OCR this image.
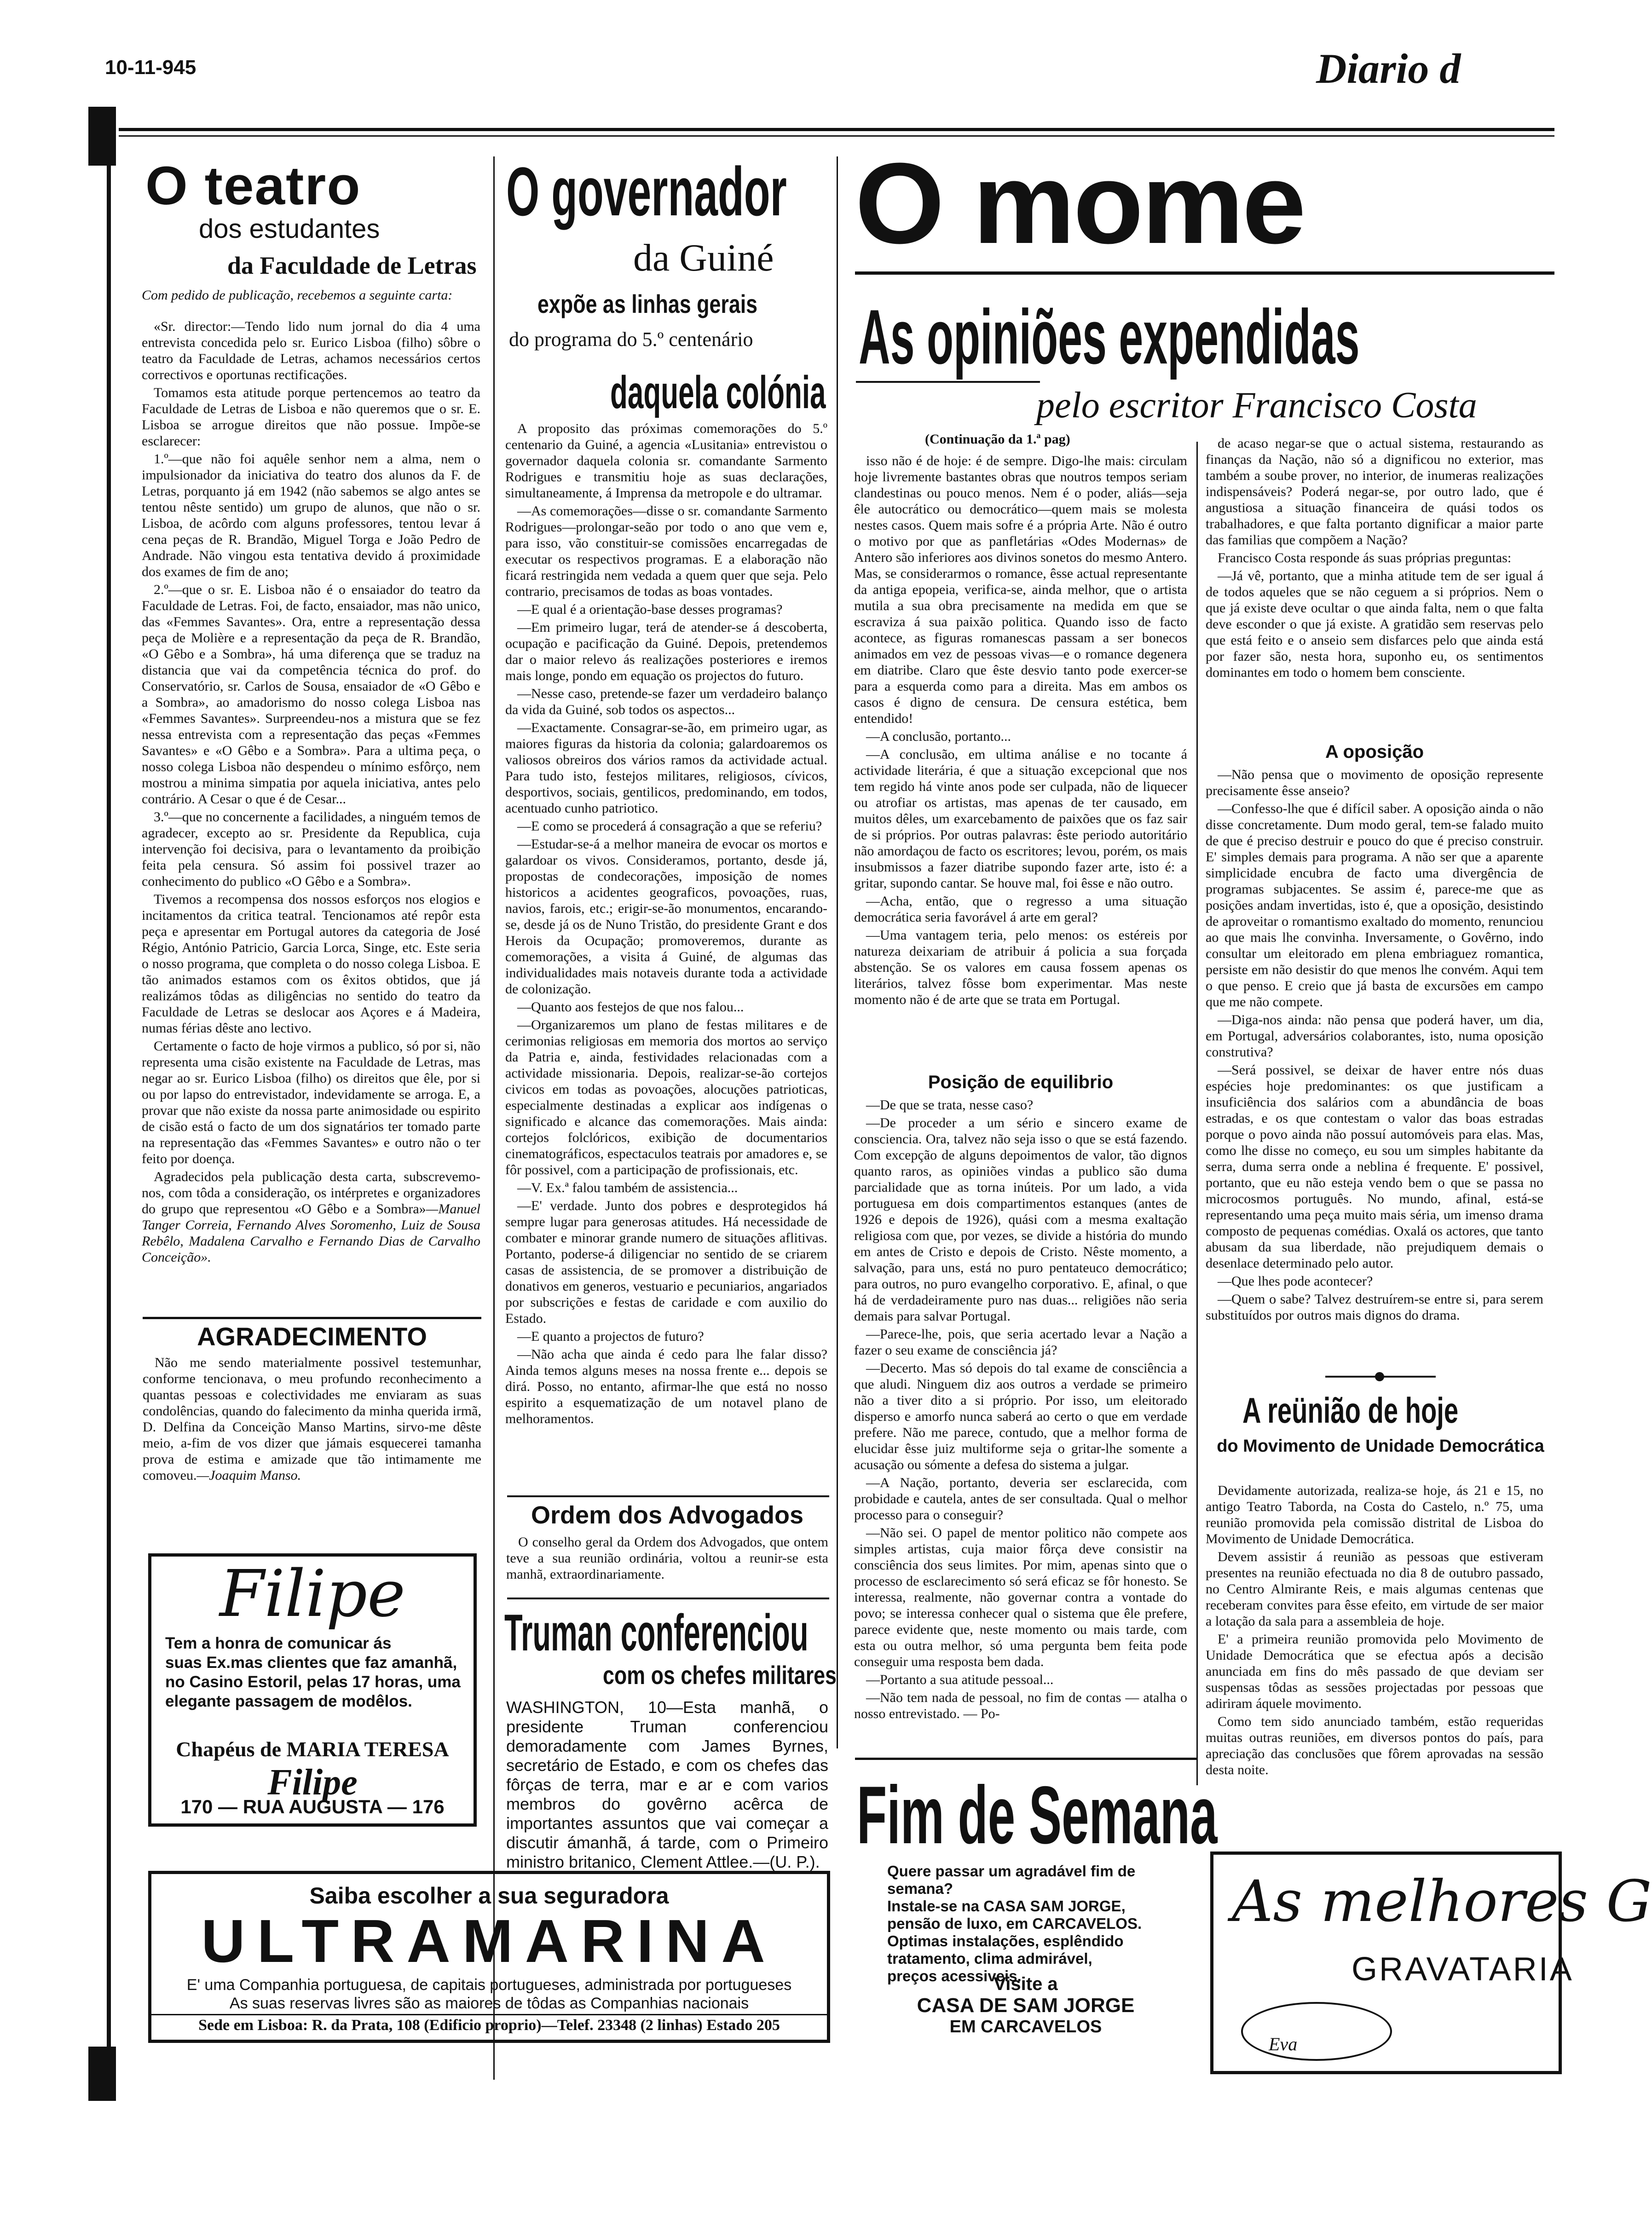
10-11-945	Diario d
O teatro
dos estudantes
da Faculdade de Letras
Com pedido de publicação, recebemos a seguinte carta:

«Sr. director:—Tendo lido num jornal do dia 4 uma entrevista concedida pelo sr. Eurico Lisboa (filho) sôbre o teatro da Faculdade de Letras, achamos necessários certos correctivos e oportunas rectificações.

Tomamos esta atitude porque pertencemos ao teatro da Faculdade de Letras de Lisboa e não queremos que o sr. E. Lisboa se arrogue direitos que não possue. Impõe-se esclarecer:

1.º—que não foi aquêle senhor nem a alma, nem o impulsionador da iniciativa do teatro dos alunos da F. de Letras, porquanto já em 1942 (não sabemos se algo antes se tentou nêste sentido) um grupo de alunos, que não o sr. Lisboa, de acôrdo com alguns professores, tentou levar á cena peças de R. Brandão, Miguel Torga e João Pedro de Andrade. Não vingou esta tentativa devido á proximidade dos exames de fim de ano;

2.º—que o sr. E. Lisboa não é o ensaiador do teatro da Faculdade de Letras. Foi, de facto, ensaiador, mas não unico, das «Femmes Savantes». Ora, entre a representação dessa peça de Molière e a representação da peça de R. Brandão, «O Gêbo e a Sombra», há uma diferença que se traduz na distancia que vai da competência técnica do prof. do Conservatório, sr. Carlos de Sousa, ensaiador de «O Gêbo e a Sombra», ao amadorismo do nosso colega Lisboa nas «Femmes Savantes». Surpreendeu-nos a mistura que se fez nessa entrevista com a representação das peças «Femmes Savantes» e «O Gêbo e a Sombra». Para a ultima peça, o nosso colega Lisboa não despendeu o mínimo esfôrço, nem mostrou a minima simpatia por aquela iniciativa, antes pelo contrário. A Cesar o que é de Cesar...

3.º—que no concernente a facilidades, a ninguém temos de agradecer, excepto ao sr. Presidente da Republica, cuja intervenção foi decisiva, para o levantamento da proibição feita pela censura. Só assim foi possivel trazer ao conhecimento do publico «O Gêbo e a Sombra».

Tivemos a recompensa dos nossos esforços nos elogios e incitamentos da critica teatral. Tencionamos até repôr esta peça e apresentar em Portugal autores da categoria de José Régio, António Patricio, Garcia Lorca, Singe, etc. Este seria o nosso programa, que completa o do nosso colega Lisboa. E tão animados estamos com os êxitos obtidos, que já realizámos tôdas as diligências no sentido do teatro da Faculdade de Letras se deslocar aos Açores e á Madeira, numas férias dêste ano lectivo.

Certamente o facto de hoje virmos a publico, só por si, não representa uma cisão existente na Faculdade de Letras, mas negar ao sr. Eurico Lisboa (filho) os direitos que êle, por si ou por lapso do entrevistador, indevidamente se arroga. E, a provar que não existe da nossa parte animosidade ou espirito de cisão está o facto de um dos signatários ter tomado parte na representação das «Femmes Savantes» e outro não o ter feito por doença.

Agradecidos pela publicação desta carta, subscrevemo-nos, com tôda a consideração, os intérpretes e organizadores do grupo que representou «O Gêbo e a Sombra»—Manuel Tanger Correia, Fernando Alves Soromenho, Luiz de Sousa Rebêlo, Madalena Carvalho e Fernando Dias de Carvalho Conceição».

AGRADECIMENTO

Não me sendo materialmente possivel testemunhar, conforme tencionava, o meu profundo reconhecimento a quantas pessoas e colectividades me enviaram as suas condolências, quando do falecimento da minha querida irmã, D. Delfina da Conceição Manso Martins, sirvo-me dêste meio, a-fim de vos dizer que jámais esquecerei tamanha prova de estima e amizade que tão intimamente me comoveu.—Joaquim Manso.

Filipe
Tem a honra de comunicar ás
suas Ex.mas clientes que faz amanhã, no Casino Estoril, pelas 17 horas, uma elegante passagem de modêlos.
Chapéus de MARIA TERESA
Filipe
170 — RUA AUGUSTA — 176
O governador
da Guiné
expõe as linhas gerais
do programa do 5.º centenário
daquela colónia

A proposito das próximas comemorações do 5.º centenario da Guiné, a agencia «Lusitania» entrevistou o governador daquela colonia sr. comandante Sarmento Rodrigues e transmitiu hoje as suas declarações, simultaneamente, á Imprensa da metropole e do ultramar.

—As comemorações—disse o sr. comandante Sarmento Rodrigues—prolongar-seão por todo o ano que vem e, para isso, vão constituir-se comissões encarregadas de executar os respectivos programas. E a elaboração não ficará restringida nem vedada a quem quer que seja. Pelo contrario, precisamos de todas as boas vontades.

—E qual é a orientação-base desses programas?

—Em primeiro lugar, terá de atender-se á descoberta, ocupação e pacificação da Guiné. Depois, pretendemos dar o maior relevo ás realizações posteriores e iremos mais longe, pondo em equação os projectos do futuro.

—Nesse caso, pretende-se fazer um verdadeiro balanço da vida da Guiné, sob todos os aspectos...

—Exactamente. Consagrar-se-ão, em primeiro ugar, as maiores figuras da historia da colonia; galardoaremos os valiosos obreiros dos vários ramos da actividade actual. Para tudo isto, festejos militares, religiosos, cívicos, desportivos, sociais, gentilicos, predominando, em todos, acentuado cunho patriotico.

—E como se procederá á consagração a que se referiu?

—Estudar-se-á a melhor maneira de evocar os mortos e galardoar os vivos. Consideramos, portanto, desde já, propostas de condecorações, imposição de nomes historicos a acidentes geograficos, povoações, ruas, navios, farois, etc.; erigir-se-ão monumentos, encarando-se, desde já os de Nuno Tristão, do presidente Grant e dos Herois da Ocupação; promoveremos, durante as comemorações, a visita á Guiné, de algumas das individualidades mais notaveis durante toda a actividade de colonização.

—Quanto aos festejos de que nos falou...

—Organizaremos um plano de festas militares e de cerimonias religiosas em memoria dos mortos ao serviço da Patria e, ainda, festividades relacionadas com a actividade missionaria. Depois, realizar-se-ão cortejos civicos em todas as povoações, alocuções patrioticas, especialmente destinadas a explicar aos indígenas o significado e alcance das comemorações. Mais ainda: cortejos folclóricos, exibição de documentarios cinematográficos, espectaculos teatrais por amadores e, se fôr possivel, com a participação de profissionais, etc.

—V. Ex.ª falou também de assistencia...

—E' verdade. Junto dos pobres e desprotegidos há sempre lugar para generosas atitudes. Há necessidade de combater e minorar grande numero de situações aflitivas. Portanto, poderse-á diligenciar no sentido de se criarem casas de assistencia, de se promover a distribuição de donativos em generos, vestuario e pecuniarios, angariados por subscrições e festas de caridade e com auxilio do Estado.

—E quanto a projectos de futuro?

—Não acha que ainda é cedo para lhe falar disso? Ainda temos alguns meses na nossa frente e... depois se dirá. Posso, no entanto, afirmar-lhe que está no nosso espirito a esquematização de um notavel plano de melhoramentos.

Ordem dos Advogados

O conselho geral da Ordem dos Advogados, que ontem teve a sua reunião ordinária, voltou a reunir-se esta manhã, extraordinariamente.

Truman conferenciou
com os chefes militares
WASHINGTON, 10—Esta manhã, o presidente Truman conferenciou demoradamente com James Byrnes, secretário de Estado, e com os chefes das fôrças de terra, mar e ar e com varios membros do govêrno acêrca de importantes assuntos que vai começar a discutir ámanhã, á tarde, com o Primeiro ministro britanico, Clement Attlee.—(U. P.).
O mome
As opiniões expendidas
pelo escritor Francisco Costa
(Continuação da 1.ª pag)

isso não é de hoje: é de sempre. Digo-lhe mais: circulam hoje livremente bastantes obras que noutros tempos seriam clandestinas ou pouco menos. Nem é o poder, aliás—seja êle autocrático ou democrático—quem mais se molesta nestes casos. Quem mais sofre é a própria Arte. Não é outro o motivo por que as panfletárias «Odes Modernas» de Antero são inferiores aos divinos sonetos do mesmo Antero. Mas, se considerarmos o romance, êsse actual representante da antiga epopeia, verifica-se, ainda melhor, que o artista mutila a sua obra precisamente na medida em que se escraviza á sua paixão politica. Quando isso de facto acontece, as figuras romanescas passam a ser bonecos animados em vez de pessoas vivas—e o romance degenera em diatribe. Claro que êste desvio tanto pode exercer-se para a esquerda como para a direita. Mas em ambos os casos é digno de censura. De censura estética, bem entendido!

—A conclusão, portanto...

—A conclusão, em ultima análise e no tocante á actividade literária, é que a situação excepcional que nos tem regido há vinte anos pode ser culpada, não de liquecer ou atrofiar os artistas, mas apenas de ter causado, em muitos dêles, um exarcebamento de paixões que os faz sair de si próprios. Por outras palavras: êste periodo autoritário não amordaçou de facto os escritores; levou, porém, os mais insubmissos a fazer diatribe supondo fazer arte, isto é: a gritar, supondo cantar. Se houve mal, foi êsse e não outro.

—Acha, então, que o regresso a uma situação democrática seria favorável á arte em geral?

—Uma vantagem teria, pelo menos: os estéreis por natureza deixariam de atribuir á policia a sua forçada abstenção. Se os valores em causa fossem apenas os literários, talvez fôsse bom experimentar. Mas neste momento não é de arte que se trata em Portugal.

Posição de equilibrio

—De que se trata, nesse caso?

—De proceder a um sério e sincero exame de consciencia. Ora, talvez não seja isso o que se está fazendo. Com excepção de alguns depoimentos de valor, tão dignos quanto raros, as opiniões vindas a publico são duma parcialidade que as torna inúteis. Por um lado, a vida portuguesa em dois compartimentos estanques (antes de 1926 e depois de 1926), quási com a mesma exaltação religiosa com que, por vezes, se divide a história do mundo em antes de Cristo e depois de Cristo. Nêste momento, a salvação, para uns, está no puro pentateuco democrático; para outros, no puro evangelho corporativo. E, afinal, o que há de verdadeiramente puro nas duas... religiões não seria demais para salvar Portugal.

—Parece-lhe, pois, que seria acertado levar a Nação a fazer o seu exame de consciência já?

—Decerto. Mas só depois do tal exame de consciência a que aludi. Ninguem diz aos outros a verdade se primeiro não a tiver dito a si próprio. Por isso, um eleitorado disperso e amorfo nunca saberá ao certo o que em verdade prefere. Não me parece, contudo, que a melhor forma de elucidar êsse juiz multiforme seja o gritar-lhe somente a acusação ou sómente a defesa do sistema a julgar.

—A Nação, portanto, deveria ser esclarecida, com probidade e cautela, antes de ser consultada. Qual o melhor processo para o conseguir?

—Não sei. O papel de mentor politico não compete aos simples artistas, cuja maior fôrça deve consistir na consciência dos seus limites. Por mim, apenas sinto que o processo de esclarecimento só será eficaz se fôr honesto. Se interessa, realmente, não governar contra a vontade do povo; se interessa conhecer qual o sistema que êle prefere, parece evidente que, neste momento ou mais tarde, com esta ou outra melhor, só uma pergunta bem feita pode conseguir uma resposta bem dada.

—Portanto a sua atitude pessoal...

—Não tem nada de pessoal, no fim de contas — atalha o nosso entrevistado. — Po-

de acaso negar-se que o actual sistema, restaurando as finanças da Nação, não só a dignificou no exterior, mas também a soube prover, no interior, de inumeras realizações indispensáveis? Poderá negar-se, por outro lado, que é angustiosa a situação financeira de quási todos os trabalhadores, e que falta portanto dignificar a maior parte das familias que compõem a Nação?

Francisco Costa responde ás suas próprias preguntas:

—Já vê, portanto, que a minha atitude tem de ser igual á de todos aqueles que se não ceguem a si próprios. Nem o que já existe deve ocultar o que ainda falta, nem o que falta deve esconder o que já existe. A gratidão sem reservas pelo que está feito e o anseio sem disfarces pelo que ainda está por fazer são, nesta hora, suponho eu, os sentimentos dominantes em todo o homem bem consciente.

A oposição

—Não pensa que o movimento de oposição represente precisamente êsse anseio?

—Confesso-lhe que é difícil saber. A oposição ainda o não disse concretamente. Dum modo geral, tem-se falado muito de que é preciso destruir e pouco do que é preciso construir. E' simples demais para programa. A não ser que a aparente simplicidade encubra de facto uma divergência de programas subjacentes. Se assim é, parece-me que as posições andam invertidas, isto é, que a oposição, desistindo de aproveitar o romantismo exaltado do momento, renunciou ao que mais lhe convinha. Inversamente, o Govêrno, indo consultar um eleitorado em plena embriaguez romantica, persiste em não desistir do que menos lhe convém. Aqui tem o que penso. E creio que já basta de excursões em campo que me não compete.

—Diga-nos ainda: não pensa que poderá haver, um dia, em Portugal, adversários colaborantes, isto, numa oposição construtiva?

—Será possivel, se deixar de haver entre nós duas espécies hoje predominantes: os que justificam a insuficiência dos salários com a abundância de boas estradas, e os que contestam o valor das boas estradas porque o povo ainda não possuí automóveis para elas. Mas, como lhe disse no começo, eu sou um simples habitante da serra, duma serra onde a neblina é frequente. E' possivel, portanto, que eu não esteja vendo bem o que se passa no microcosmos português. No mundo, afinal, está-se representando uma peça muito mais séria, um imenso drama composto de pequenas comédias. Oxalá os actores, que tanto abusam da sua liberdade, não prejudiquem demais o desenlace determinado pelo autor.

—Que lhes pode acontecer?

—Quem o sabe? Talvez destruírem-se entre si, para serem substituídos por outros mais dignos do drama.

A reünião de hoje
do Movimento de Unidade Democrática

Devidamente autorizada, realiza-se hoje, ás 21 e 15, no antigo Teatro Taborda, na Costa do Castelo, n.º 75, uma reunião promovida pela comissão distrital de Lisboa do Movimento de Unidade Democrática.

Devem assistir á reunião as pessoas que estiveram presentes na reunião efectuada no dia 8 de outubro passado, no Centro Almirante Reis, e mais algumas centenas que receberam convites para êsse efeito, em virtude de ser maior a lotação da sala para a assembleia de hoje.

E' a primeira reunião promovida pelo Movimento de Unidade Democrática que se efectua após a decisão anunciada em fins do mês passado de que deviam ser suspensas tôdas as sessões projectadas por pessoas que adiriram áquele movimento.

Como tem sido anunciado também, estão requeridas muitas outras reuniões, em diversos pontos do país, para apreciação das conclusões que fôrem aprovadas na sessão desta noite.

Fim de Semana
Quere passar um agradável fim de semana?
Instale-se na CASA SAM JORGE, pensão de luxo, em CARCAVELOS.
Optimas instalações, esplêndido tratamento, clima admirável, preços acessiveis.
Visite a
CASA DE SAM JORGE
EM CARCAVELOS
As melhores G
GRAVATARIA
Eva
Saiba escolher a sua seguradora
ULTRAMARINA
E' uma Companhia portuguesa, de capitais portugueses, administrada por portugueses
As suas reservas livres são as maiores de tôdas as Companhias nacionais
Sede em Lisboa: R. da Prata, 108 (Edificio proprio)—Telef. 23348 (2 linhas) Estado 205
